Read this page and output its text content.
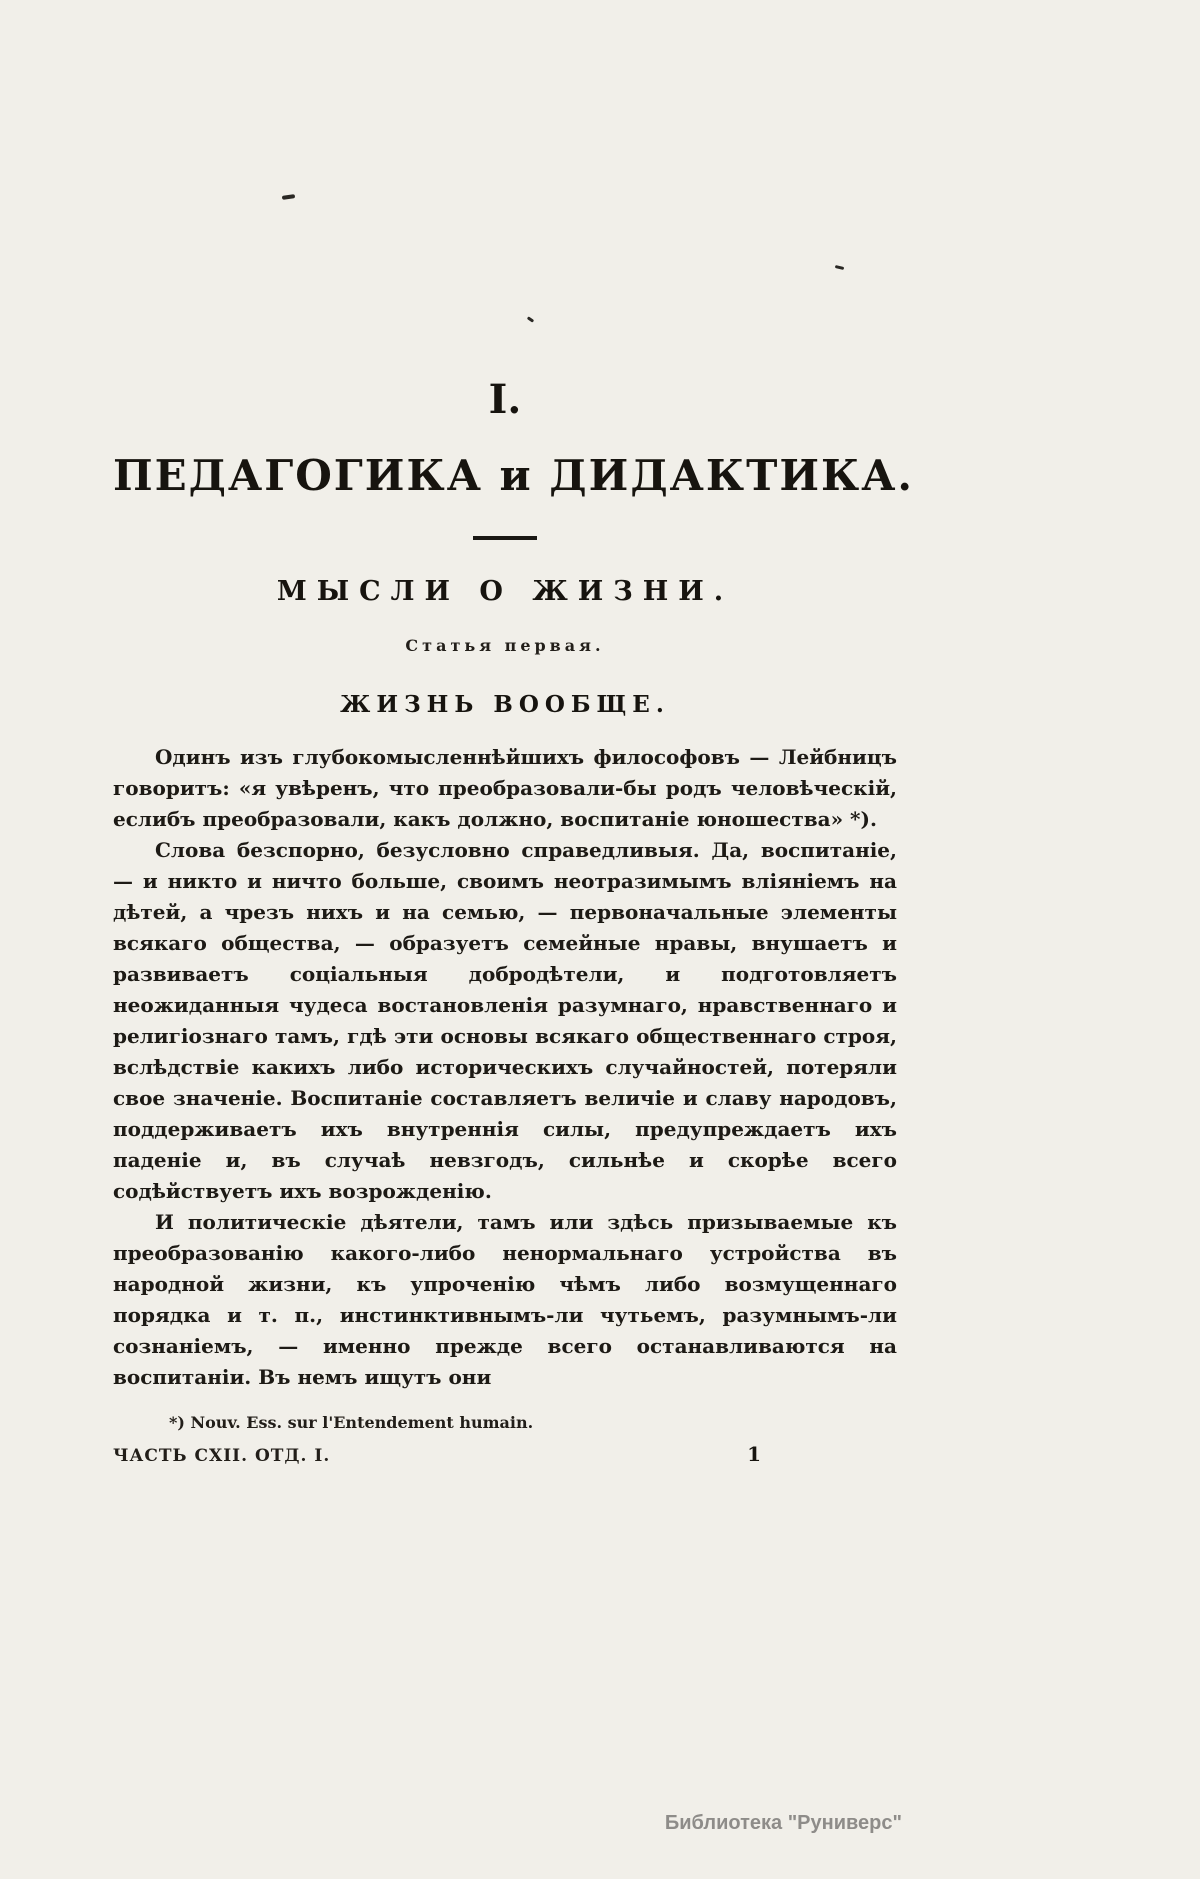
I.
ПЕДАГОГИКА и ДИДАКТИКА.
МЫСЛИ О ЖИЗНИ.
Статья первая.
ЖИЗНЬ ВООБЩЕ.

Одинъ изъ глубокомысленнѣйшихъ философовъ — Лейбницъ говоритъ: «я увѣренъ, что преобразовали-бы родъ человѣческій, еслибъ преобразовали, какъ должно, воспитаніе юношества» *).

Слова безспорно, безусловно справедливыя. Да, воспитаніе, — и никто и ничто больше, своимъ неотразимымъ вліяніемъ на дѣтей, а чрезъ нихъ и на семью, — первоначальные элементы всякаго общества, — образуетъ семейные нравы, внушаетъ и развиваетъ соціальныя добродѣтели, и подготовляетъ неожиданныя чудеса востановленія разумнаго, нравственнаго и религіознаго тамъ, гдѣ эти основы всякаго общественнаго строя, вслѣдствіе какихъ либо историческихъ случайностей, потеряли свое значеніе. Воспитаніе составляетъ величіе и славу народовъ, поддерживаетъ ихъ внутреннія силы, предупреждаетъ ихъ паденіе и, въ случаѣ невзгодъ, сильнѣе и скорѣе всего содѣйствуетъ ихъ возрожденію.

И политическіе дѣятели, тамъ или здѣсь призываемые къ преобразованію какого-либо ненормальнаго устройства въ народной жизни, къ упроченію чѣмъ либо возмущеннаго порядка и т. п., инстинктивнымъ-ли чутьемъ, разумнымъ-ли сознаніемъ, — именно прежде всего останавливаются на воспитаніи. Въ немъ ищутъ они

*) Nouv. Ess. sur l'Entendement humain.
ЧАСТЬ CXII. ОТД. I.	1
Библиотека "Руниверс"
